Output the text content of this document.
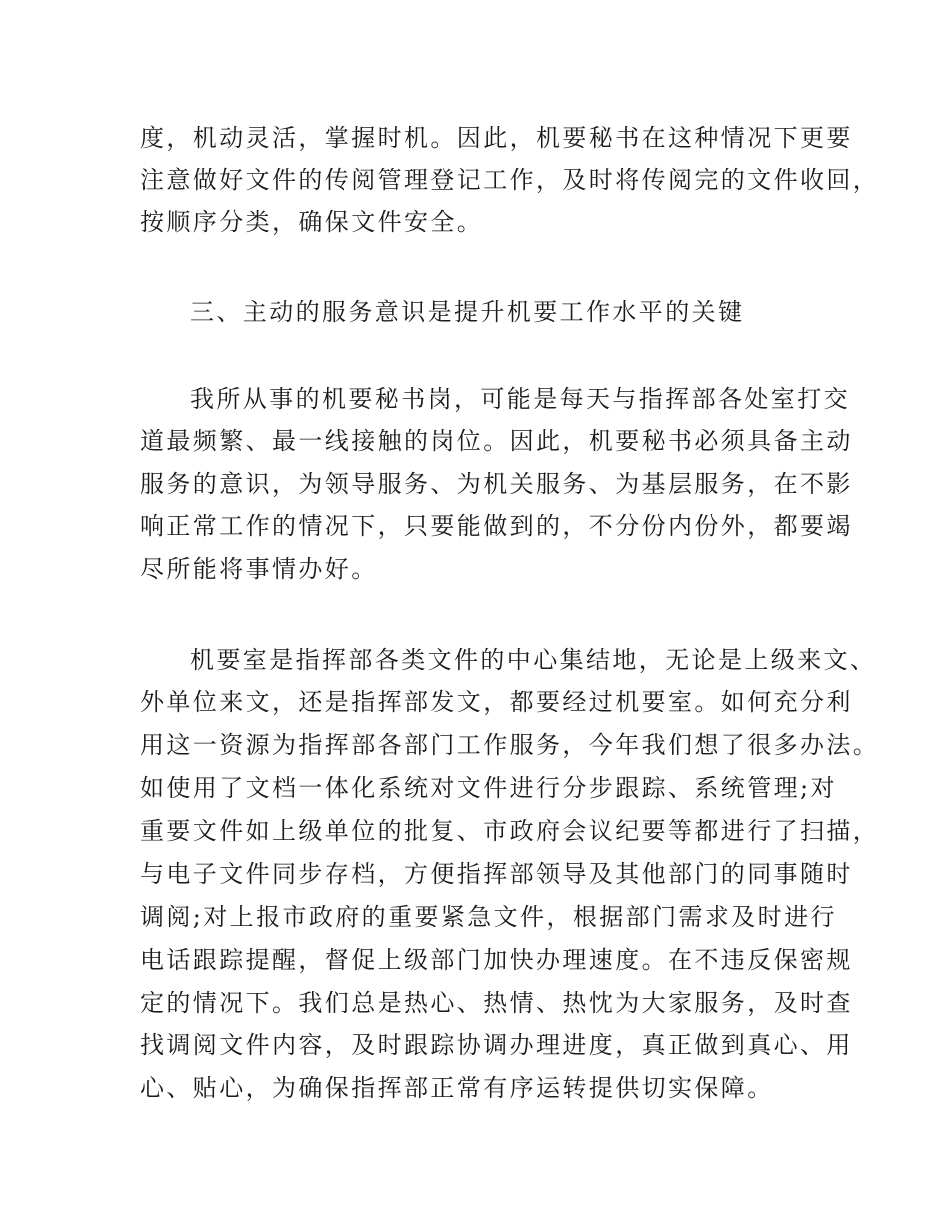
度，机动灵活，掌握时机。因此，机要秘书在这种情况下更要
注意做好文件的传阅管理登记工作，及时将传阅完的文件收回，
按顺序分类，确保文件安全。
三、主动的服务意识是提升机要工作水平的关键
我所从事的机要秘书岗，可能是每天与指挥部各处室打交
道最频繁、最一线接触的岗位。因此，机要秘书必须具备主动
服务的意识，为领导服务、为机关服务、为基层服务，在不影
响正常工作的情况下，只要能做到的，不分份内份外，都要竭
尽所能将事情办好。
机要室是指挥部各类文件的中心集结地，无论是上级来文、
外单位来文，还是指挥部发文，都要经过机要室。如何充分利
用这一资源为指挥部各部门工作服务，今年我们想了很多办法。
如使用了文档一体化系统对文件进行分步跟踪、系统管理;对
重要文件如上级单位的批复、市政府会议纪要等都进行了扫描，
与电子文件同步存档，方便指挥部领导及其他部门的同事随时
调阅;对上报市政府的重要紧急文件，根据部门需求及时进行
电话跟踪提醒，督促上级部门加快办理速度。在不违反保密规
定的情况下。我们总是热心、热情、热忱为大家服务，及时查
找调阅文件内容，及时跟踪协调办理进度，真正做到真心、用
心、贴心，为确保指挥部正常有序运转提供切实保障。
